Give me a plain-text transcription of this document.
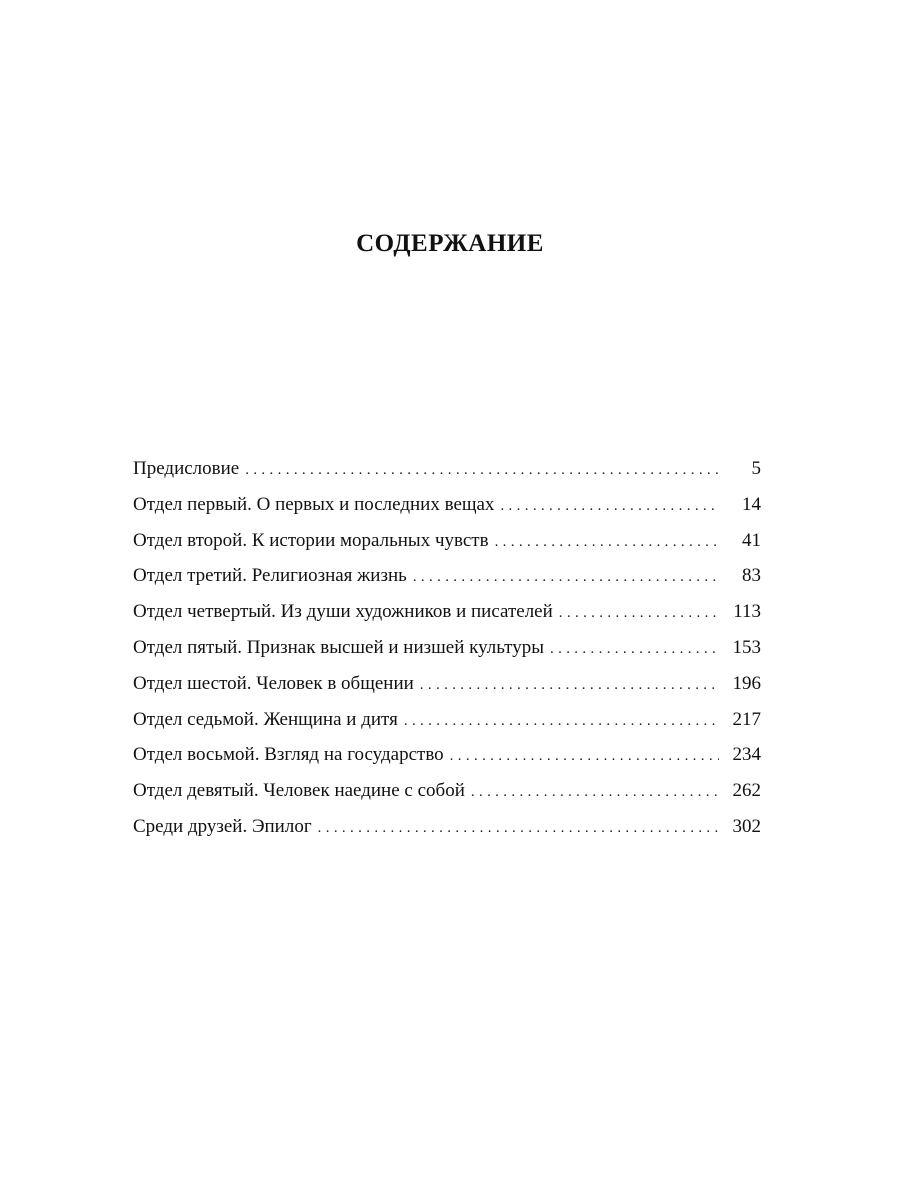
СОДЕРЖАНИЕ
Предисловие . . .	5
Отдел первый. О первых и последних вещах . . .	14
Отдел второй. К истории моральных чувств . . .	41
Отдел третий. Религиозная жизнь . . .	83
Отдел четвертый. Из души художников и писателей . . .	113
Отдел пятый. Признак высшей и низшей культуры . . .	153
Отдел шестой. Человек в общении . . .	196
Отдел седьмой. Женщина и дитя . . .	217
Отдел восьмой. Взгляд на государство . . .	234
Отдел девятый. Человек наедине с собой . . .	262
Среди друзей. Эпилог . . .	302
